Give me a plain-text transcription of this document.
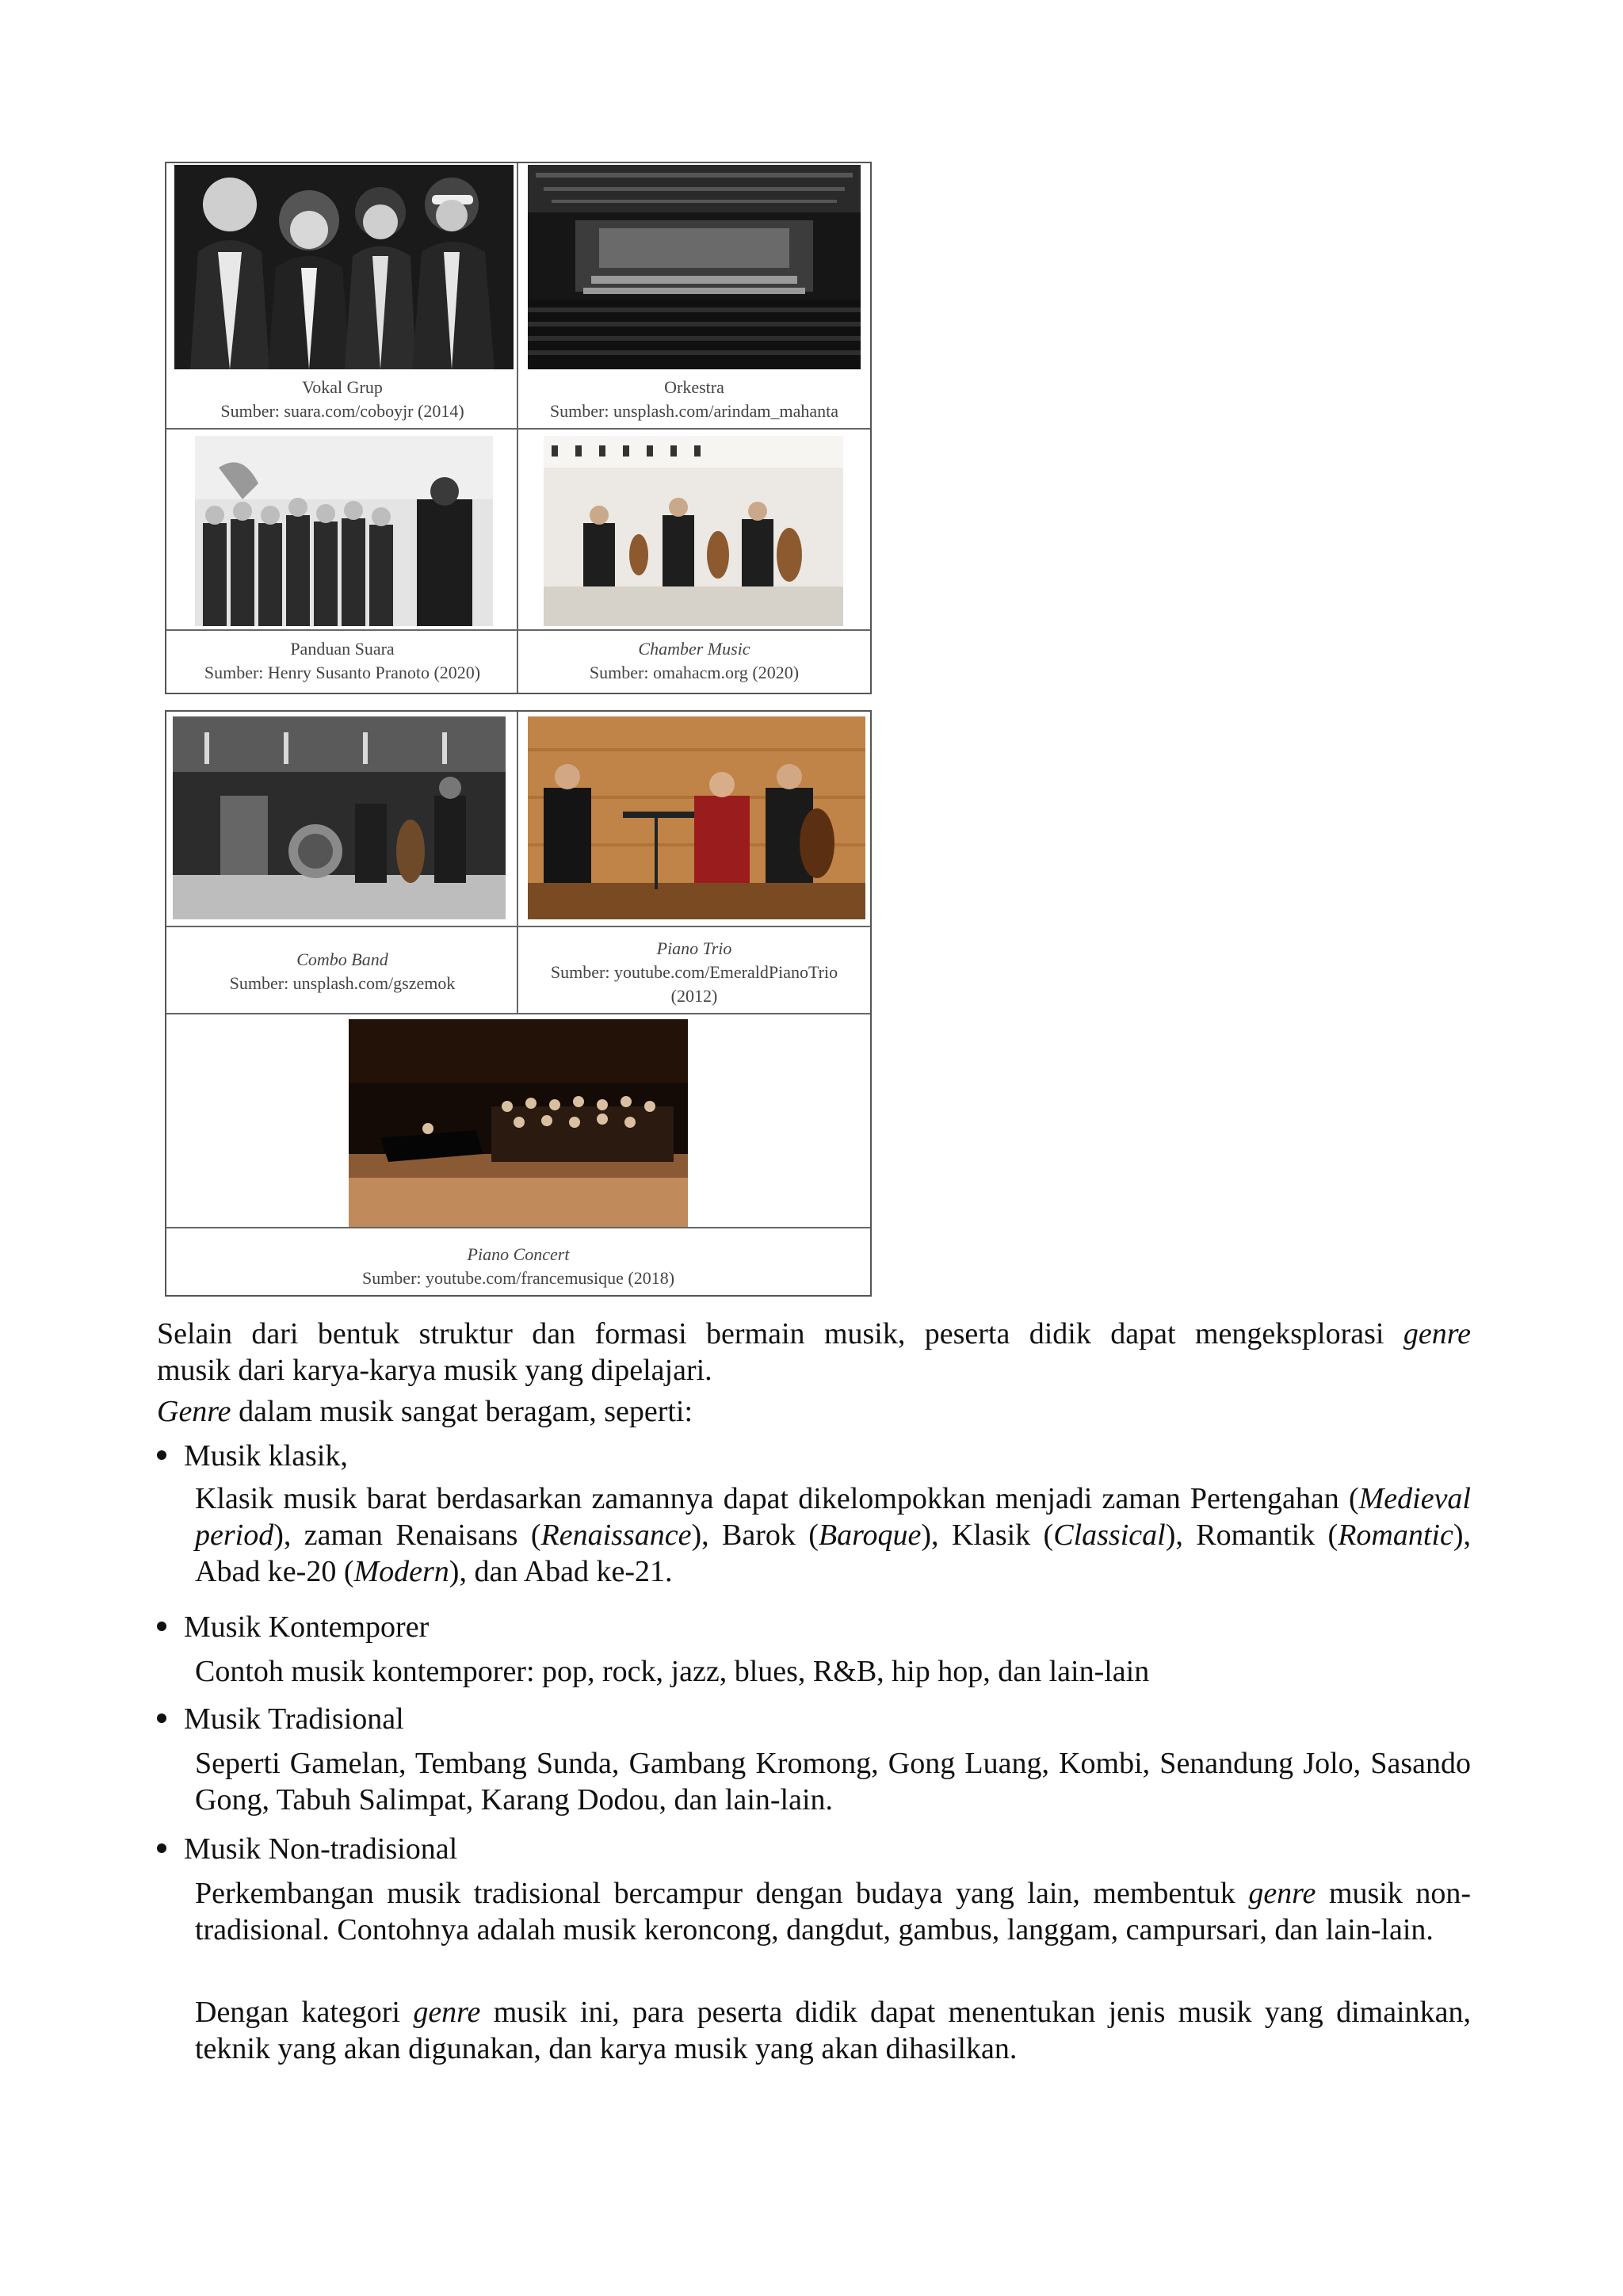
Vokal Grup
Sumber: suara.com/coboyjr (2014)
Orkestra
Sumber: unsplash.com/arindam_mahanta
Panduan Suara
Sumber: Henry Susanto Pranoto (2020)
Chamber Music
Sumber: omahacm.org (2020)
Combo Band
Sumber: unsplash.com/gszemok
Piano Trio
Sumber: youtube.com/EmeraldPianoTrio
(2012)
Piano Concert
Sumber: youtube.com/francemusique (2018)
Selain dari bentuk struktur dan formasi bermain musik, peserta didik dapat mengeksplorasi genre
musik dari karya-karya musik yang dipelajari.
Genre dalam musik sangat beragam, seperti:
Musik klasik,
Klasik musik barat berdasarkan zamannya dapat dikelompokkan menjadi zaman Pertengahan (Medieval period), zaman Renaisans (Renaissance), Barok (Baroque), Klasik (Classical), Romantik (Romantic), Abad ke-20 (Modern), dan Abad ke-21.
Musik Kontemporer
Contoh musik kontemporer: pop, rock, jazz, blues, R&B, hip hop, dan lain-lain
Musik Tradisional
Seperti Gamelan, Tembang Sunda, Gambang Kromong, Gong Luang, Kombi, Senandung Jolo, Sasando Gong, Tabuh Salimpat, Karang Dodou, dan lain-lain.
Musik Non-tradisional
Perkembangan musik tradisional bercampur dengan budaya yang lain, membentuk genre musik non-tradisional. Contohnya adalah musik keroncong, dangdut, gambus, langgam, campursari, dan lain-lain.
Dengan kategori genre musik ini, para peserta didik dapat menentukan jenis musik yang dimainkan, teknik yang akan digunakan, dan karya musik yang akan dihasilkan.
